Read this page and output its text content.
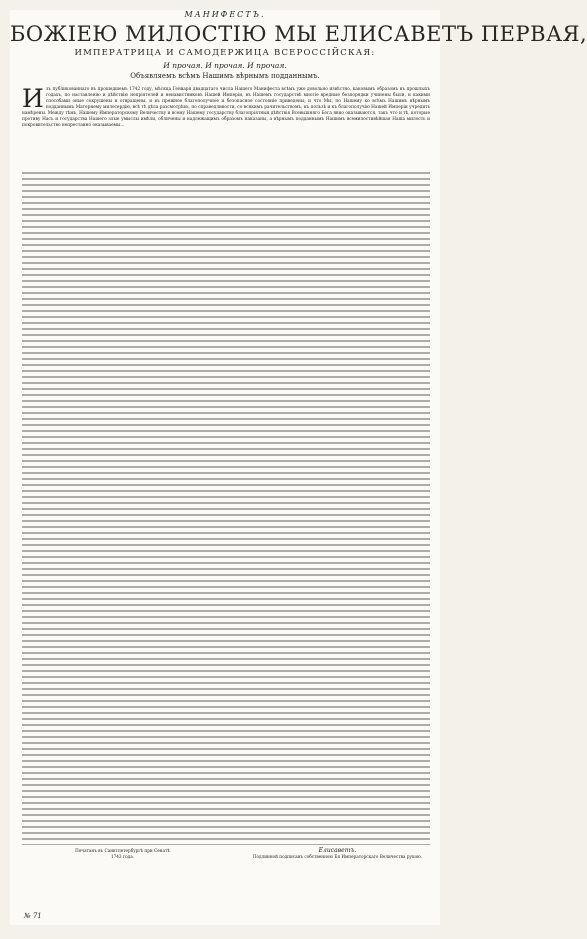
МАНИФЕСТЪ.
БОЖІЕЮ МИЛОСТІЮ МЫ ЕЛИСАВЕТЪ ПЕРВАЯ,
ИМПЕРАТРИЦА И САМОДЕРЖИЦА ВСЕРОССІЙСКАЯ:
И прочая. И прочая. И прочая.
Объявляемъ всѣмъ Нашимъ вѣрнымъ подданнымъ.

И зъ публикованнаго въ прошедшемъ 1742 году, мѣсяца Генваря двадцатаго числа Нашего Манифеста всѣмъ уже довольно извѣстно, каковымъ образомъ въ прошлыхъ годахъ, по наставленію и дѣйствію непріятелей и ненавистниковъ Нашей Имперіи, въ Нашемъ государствѣ многіе вредные безпорядки учинены были, и какими способами оные сокрушены и отвращены, и въ прежнее благополучное и безопасное состояніе приведены; и что Мы, по Нашему ко всѣмъ Нашимъ вѣрнымъ подданнымъ Матернему милосердію, всѣ тѣ дѣла разсмотрѣвъ, по справедливости, со всякимъ рачительствомъ, къ пользѣ и къ благополучію Нашей Имперіи учредить намѣрены. Между тѣмъ, Нашему Императорскому Величеству и всему Нашему государству благопріятныя дѣйствія Всевышняго Бога явно оказываются, такъ что и тѣ, которые противу Насъ и государства Нашего злые умыслы имѣли, обличены и надлежащимъ образомъ наказаны, а вѣрнымъ подданнымъ Нашимъ всемилостивѣйшая Наша милость и покровительство непрестанно оказываемы...

Печатанъ въ Санктпетербургѣ при Сенатѣ
1743 года.
Елисаветъ.
Подлинной подписанъ собственною Ея Императорскаго Величества рукою.
№ 71
